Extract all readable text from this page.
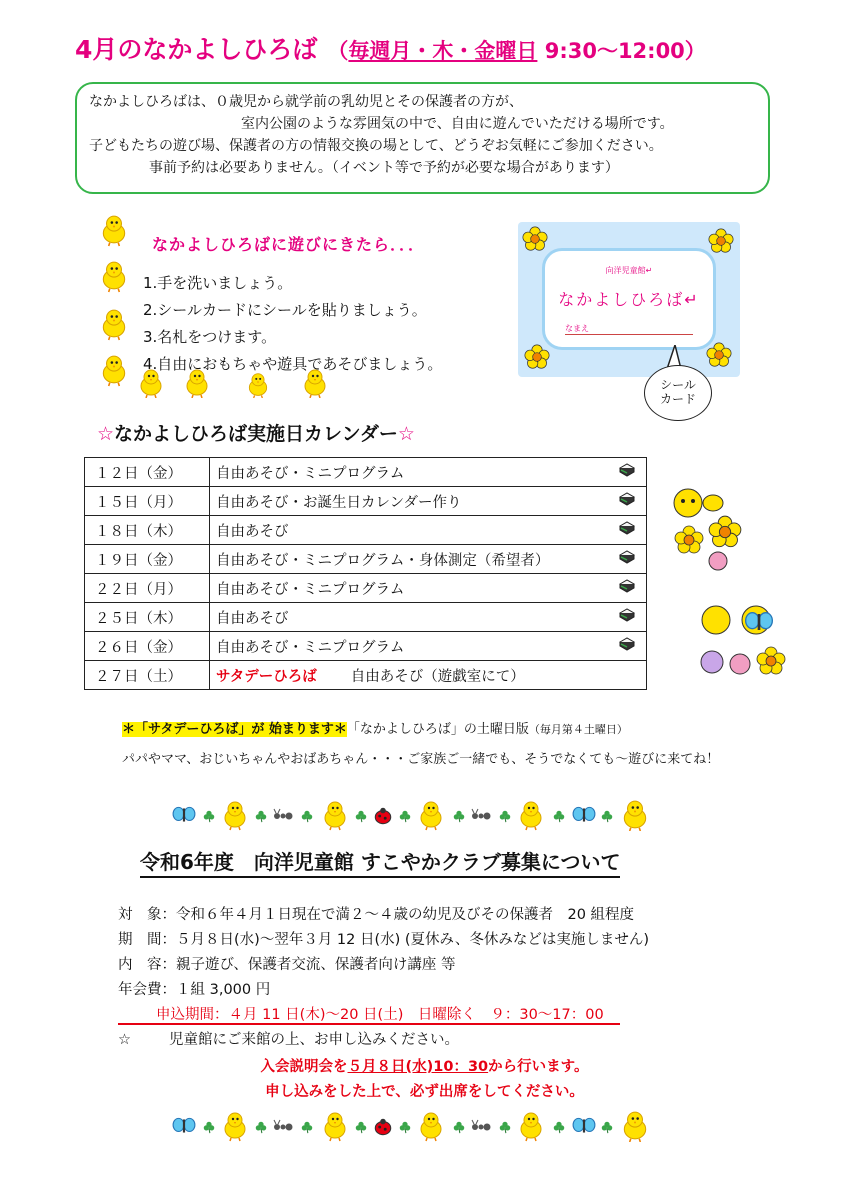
4月のなかよしひろば （毎週月・木・金曜日 9:30〜12:00）
なかよしひろばは、０歳児から就学前の乳幼児とその保護者の方が、
室内公園のような雰囲気の中で、自由に遊んでいただける場所です。
子どもたちの遊び場、保護者の方の情報交換の場として、どうぞお気軽にご参加ください。
事前予約は必要ありません。（イベント等で予約が必要な場合があります）
なかよしひろばに遊びにきたら．．．
1.手を洗いましょう。
2.シールカードにシールを貼りましょう。
3.名札をつけます。
4.自由におもちゃや遊具であそびましょう。
向洋児童館↵
なかよしひろば↵
なまえ
シール
カード
☆なかよしひろば実施日カレンダー☆
１２日（金）	自由あそび・ミニプログラム	
１５日（月）	自由あそび・お誕生日カレンダー作り	
１８日（木）	自由あそび	
１９日（金）	自由あそび・ミニプログラム・身体測定（希望者）	
２２日（月）	自由あそび・ミニプログラム	
２５日（木）	自由あそび	
２６日（金）	自由あそび・ミニプログラム	
２７日（土）	サタデーひろば 自由あそび（遊戯室にて）	
＊「サタデーひろば」が 始まります＊「なかよしひろば」の土曜日版（毎月第４土曜日）
パパやママ、おじいちゃんやおばあちゃん・・・ご家族ご一緒でも、そうでなくても〜遊びに来てね！
令和6年度　向洋児童館 すこやかクラブ募集について
対　象：令和６年４月１日現在で満２〜４歳の幼児及びその保護者　20 組程度
期　間：５月８日(水)〜翌年３月 12 日(水) (夏休み、冬休みなどは実施しません)
内　容：親子遊び、保護者交流、保護者向け講座 等
年会費：１組 3,000 円
申込期間：４月 11 日(木)〜20 日(土)　日曜除く　９：30〜17：00
☆	児童館にご来館の上、お申し込みください。
入会説明会を５月８日(水)10：30から行います。
申し込みをした上で、必ず出席をしてください。
